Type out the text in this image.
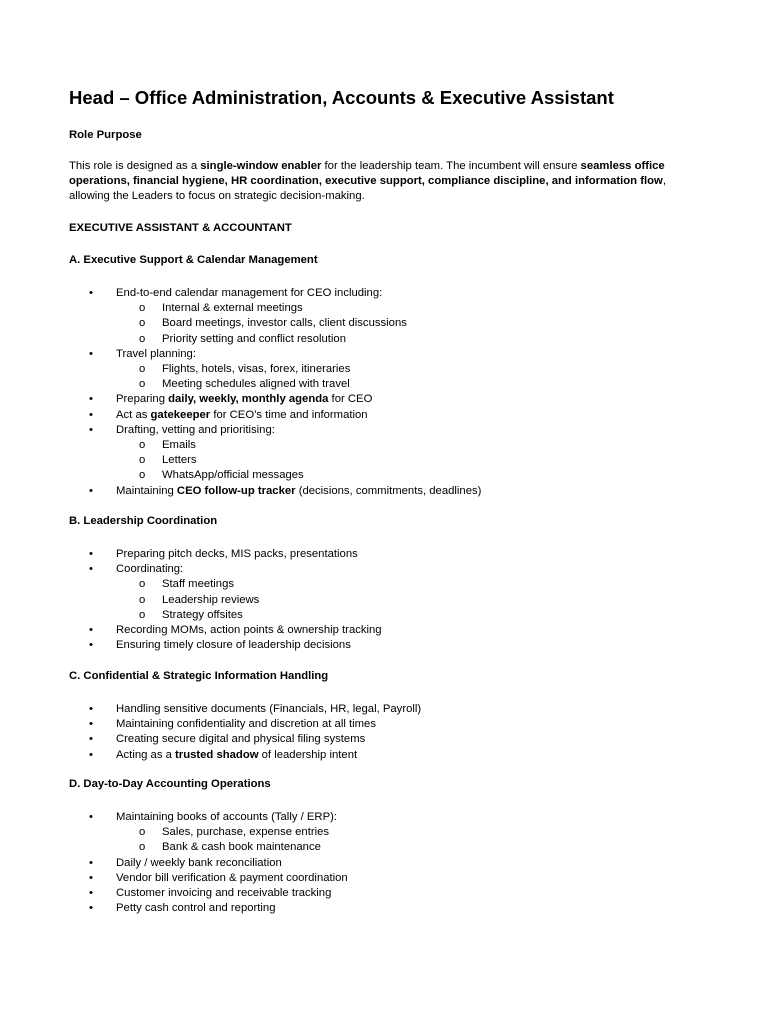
Head – Office Administration, Accounts & Executive Assistant
Role Purpose
This role is designed as a single-window enabler for the leadership team. The incumbent will ensure seamless office operations, financial hygiene, HR coordination, executive support, compliance discipline, and information flow, allowing the Leaders to focus on strategic decision-making.
EXECUTIVE ASSISTANT & ACCOUNTANT
A. Executive Support & Calendar Management
•	End-to-end calendar management for CEO including:
o	Internal & external meetings
o	Board meetings, investor calls, client discussions
o	Priority setting and conflict resolution
•	Travel planning:
o	Flights, hotels, visas, forex, itineraries
o	Meeting schedules aligned with travel
•	Preparing daily, weekly, monthly agenda for CEO
•	Act as gatekeeper for CEO’s time and information
•	Drafting, vetting and prioritising:
o	Emails
o	Letters
o	WhatsApp/official messages
•	Maintaining CEO follow-up tracker (decisions, commitments, deadlines)
B. Leadership Coordination
•	Preparing pitch decks, MIS packs, presentations
•	Coordinating:
o	Staff meetings
o	Leadership reviews
o	Strategy offsites
•	Recording MOMs, action points & ownership tracking
•	Ensuring timely closure of leadership decisions
C. Confidential & Strategic Information Handling
•	Handling sensitive documents (Financials, HR, legal, Payroll)
•	Maintaining confidentiality and discretion at all times
•	Creating secure digital and physical filing systems
•	Acting as a trusted shadow of leadership intent
D. Day-to-Day Accounting Operations
•	Maintaining books of accounts (Tally / ERP):
o	Sales, purchase, expense entries
o	Bank & cash book maintenance
•	Daily / weekly bank reconciliation
•	Vendor bill verification & payment coordination
•	Customer invoicing and receivable tracking
•	Petty cash control and reporting
